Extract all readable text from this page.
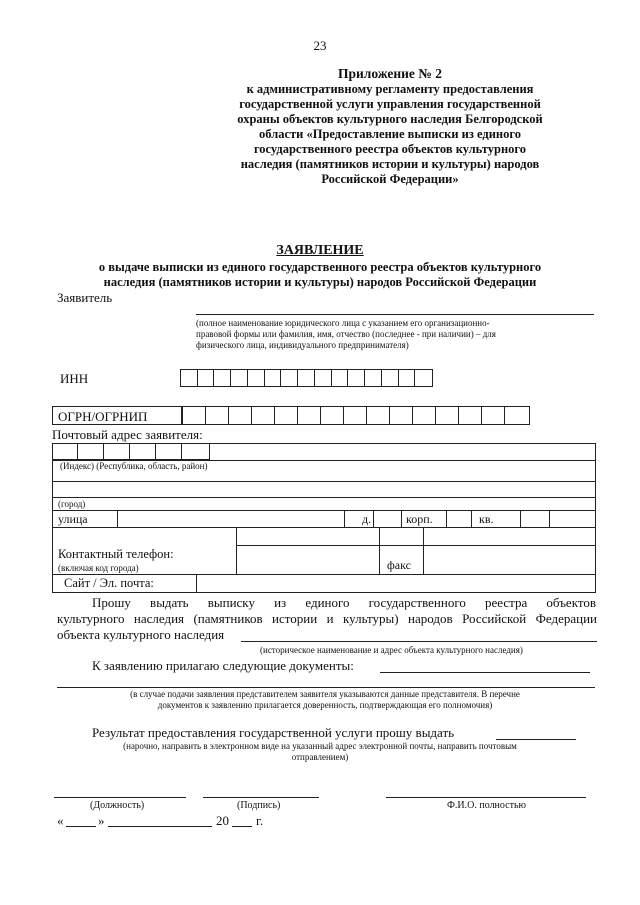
23
Приложение № 2
к административному регламенту предоставления
государственной услуги управления государственной
охраны объектов культурного наследия Белгородской
области «Предоставление выписки из единого
государственного реестра объектов культурного
наследия (памятников истории и культуры) народов
Российской Федерации»
ЗАЯВЛЕНИЕ
о выдаче выписки из единого государственного реестра объектов культурного
наследия (памятников истории и культуры) народов Российской Федерации
Заявитель
(полное наименование юридического лица с указанием его организационно-
правовой формы или фамилия, имя, отчество (последнее - при наличии) – для
физического лица, индивидуального предпринимателя)
ИНН
ОГРН/ОГРНИП
Почтовый адрес заявителя:
(Индекс) (Республика, область, район)
(город)
улица	д.	корп.	кв.
Контактный телефон:
(включая код города)	факс
Сайт / Эл. почта:
Прошу выдать выписку из единого государственного реестра объектов
культурного наследия (памятников истории и культуры) народов Российской Федерации
объекта культурного наследия
(историческое наименование и адрес объекта культурного наследия)
К заявлению прилагаю следующие документы:
(в случае подачи заявления представителем заявителя указываются данные представителя. В перечне
документов к заявлению прилагается доверенность, подтверждающая его полномочия)
Результат предоставления государственной услуги прошу выдать
(нарочно, направить в электронном виде на указанный адрес электронной почты, направить почтовым
отправлением)
(Должность)	(Подпись)	Ф.И.О. полностью
«	»	20 г.
